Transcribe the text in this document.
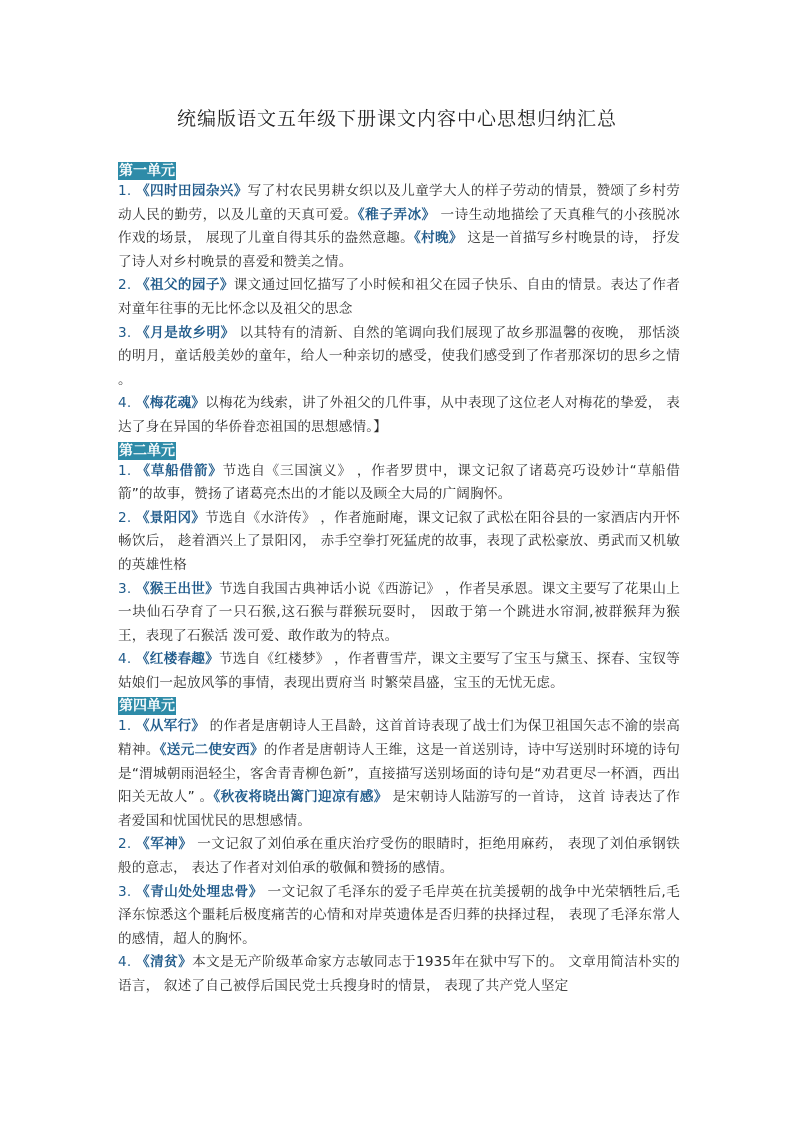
统编版语文五年级下册课文内容中心思想归纳汇总
第一单元

1. 《四时田园杂兴》写了村农民男耕女织以及儿童学大人的样子劳动的情景，赞颂了乡村劳动人民的勤劳，以及儿童的天真可爱。《稚子弄冰》 一诗生动地描绘了天真稚气的小孩脱冰作戏的场景， 展现了儿童自得其乐的盎然意趣。《村晚》 这是一首描写乡村晚景的诗， 抒发了诗人对乡村晚景的喜爱和赞美之情。

2. 《祖父的园子》课文通过回忆描写了小时候和祖父在园子快乐、自由的情景。表达了作者对童年往事的无比怀念以及祖父的思念

3. 《月是故乡明》 以其特有的清新、自然的笔调向我们展现了故乡那温馨的夜晚， 那恬淡的明月，童话般美妙的童年，给人一种亲切的感受，使我们感受到了作者那深切的思乡之情 。

4. 《梅花魂》以梅花为线索，讲了外祖父的几件事，从中表现了这位老人对梅花的挚爱， 表达了身在异国的华侨眷恋祖国的思想感情。】

第二单元

1. 《草船借箭》节选自《三国演义》 ，作者罗贯中，课文记叙了诸葛亮巧设妙计“草船借箭”的故事，赞扬了诸葛亮杰出的才能以及顾全大局的广阔胸怀。

2. 《景阳冈》节选自《水浒传》 ，作者施耐庵，课文记叙了武松在阳谷县的一家酒店内开怀畅饮后， 趁着酒兴上了景阳冈， 赤手空拳打死猛虎的故事，表现了武松豪放、勇武而又机敏的英雄性格

3. 《猴王出世》节选自我国古典神话小说《西游记》 ，作者吴承恩。课文主要写了花果山上一块仙石孕育了一只石猴,这石猴与群猴玩耍时， 因敢于第一个跳进水帘洞,被群猴拜为猴王，表现了石猴活 泼可爱、敢作敢为的特点。

4. 《红楼春趣》节选自《红楼梦》 ，作者曹雪芹，课文主要写了宝玉与黛玉、探春、宝钗等姑娘们一起放风筝的事情，表现出贾府当 时繁荣昌盛，宝玉的无忧无虑。

第四单元

1. 《从军行》 的作者是唐朝诗人王昌龄，这首首诗表现了战士们为保卫祖国矢志不渝的崇高精神。《送元二使安西》的作者是唐朝诗人王维，这是一首送别诗，诗中写送别时环境的诗句是“渭城朝雨浥轻尘，客舍青青柳色新”，直接描写送别场面的诗句是“劝君更尽一杯酒，西出阳关无故人” 。《秋夜将晓出篱门迎凉有感》 是宋朝诗人陆游写的一首诗， 这首 诗表达了作者爱国和忧国忧民的思想感情。

2. 《军神》 一文记叙了刘伯承在重庆治疗受伤的眼睛时，拒绝用麻药， 表现了刘伯承钢铁般的意志， 表达了作者对刘伯承的敬佩和赞扬的感情。

3. 《青山处处埋忠骨》 一文记叙了毛泽东的爱子毛岸英在抗美援朝的战争中光荣牺牲后,毛泽东惊悉这个噩耗后极度痛苦的心情和对岸英遗体是否归葬的抉择过程， 表现了毛泽东常人的感情，超人的胸怀。

4. 《清贫》本文是无产阶级革命家方志敏同志于1935年在狱中写下的。 文章用简洁朴实的语言， 叙述了自己被俘后国民党士兵搜身时的情景， 表现了共产党人坚定
